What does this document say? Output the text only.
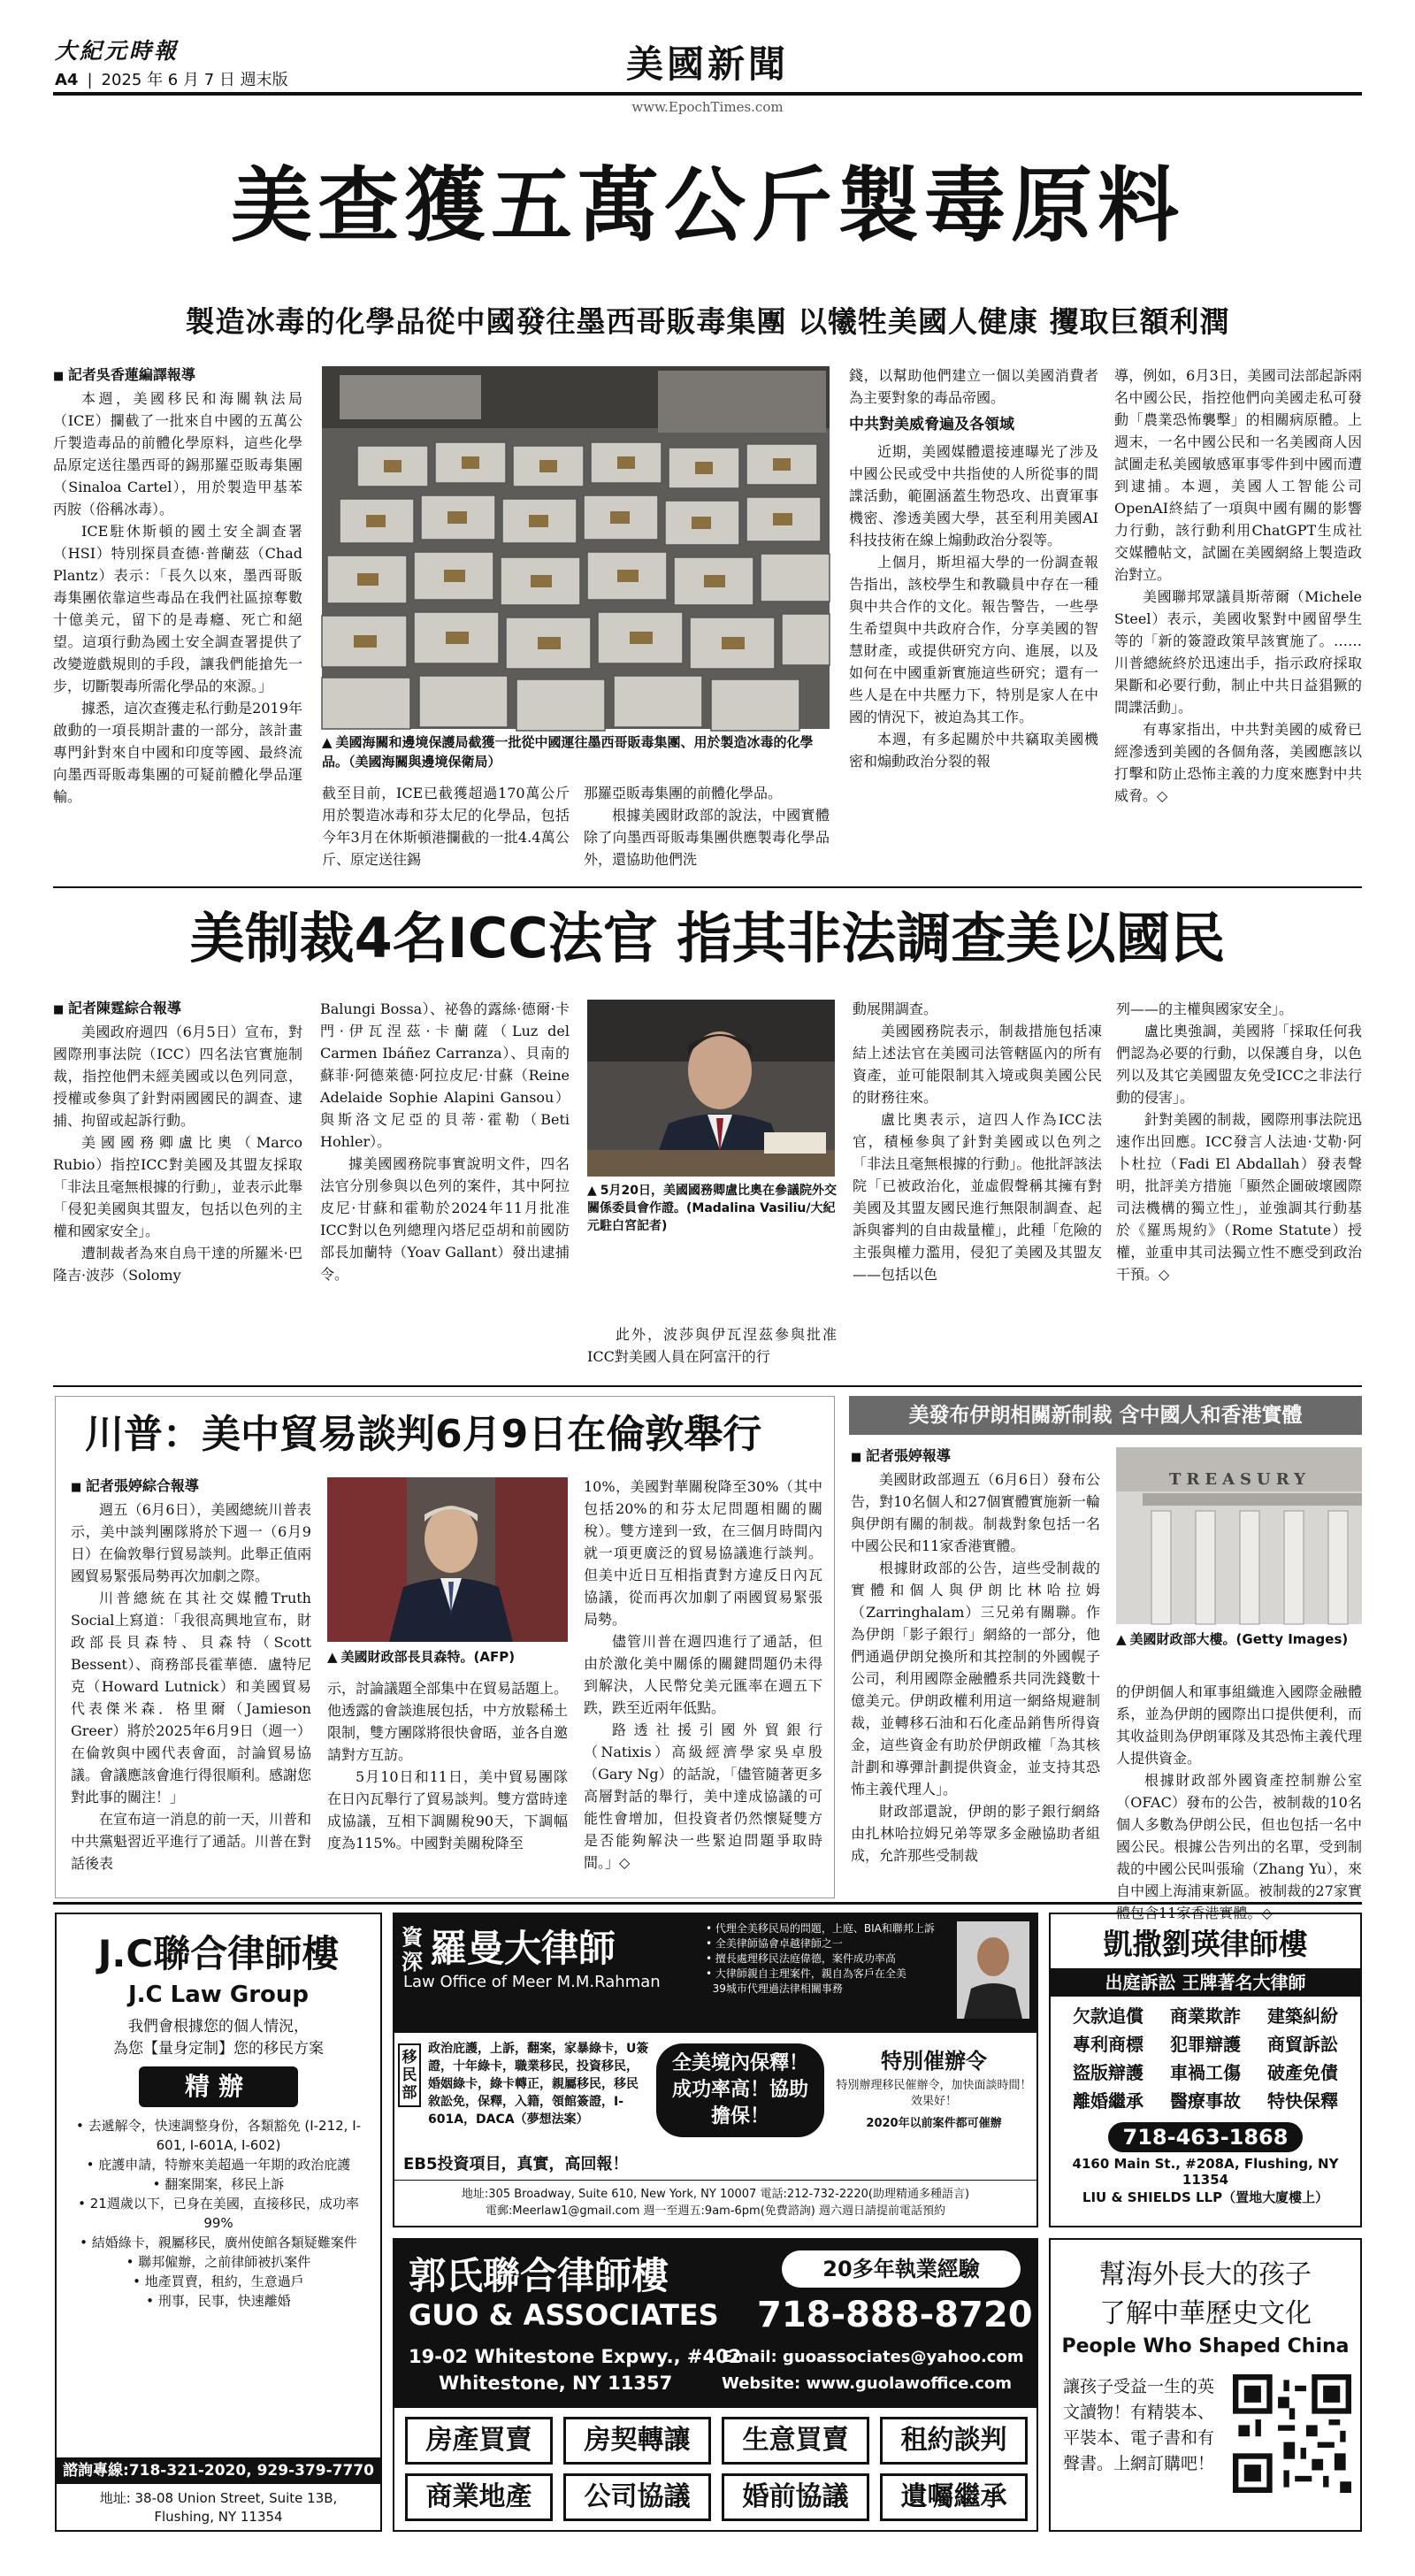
大紀元時報
A4 | 2025 年 6 月 7 日 週末版	美國新聞
www.EpochTimes.com
美查獲五萬公斤製毒原料
製造冰毒的化學品從中國發往墨西哥販毒集團 以犧牲美國人健康 攫取巨額利潤
■ 記者吳香蓮編譯報導

本週，美國移民和海關執法局（ICE）攔截了一批來自中國的五萬公斤製造毒品的前體化學原料，這些化學品原定送往墨西哥的錫那羅亞販毒集團（Sinaloa Cartel），用於製造甲基苯丙胺（俗稱冰毒）。

ICE駐休斯頓的國土安全調查署（HSI）特別探員查德·普蘭茲（Chad Plantz）表示：「長久以來，墨西哥販毒集團依靠這些毒品在我們社區掠奪數十億美元，留下的是毒癮、死亡和絕望。這項行動為國土安全調查署提供了改變遊戲規則的手段，讓我們能搶先一步，切斷製毒所需化學品的來源。」

據悉，這次查獲走私行動是2019年啟動的一項長期計畫的一部分，該計畫專門針對來自中國和印度等國、最終流向墨西哥販毒集團的可疑前體化學品運輸。

▲ 美國海關和邊境保護局截獲一批從中國運往墨西哥販毒集團、用於製造冰毒的化學品。（美國海關與邊境保衛局）

截至目前，ICE已截獲超過170萬公斤用於製造冰毒和芬太尼的化學品，包括今年3月在休斯頓港攔截的一批4.4萬公斤、原定送往錫

那羅亞販毒集團的前體化學品。

根據美國財政部的說法，中國實體除了向墨西哥販毒集團供應製毒化學品外，還協助他們洗

錢，以幫助他們建立一個以美國消費者為主要對象的毒品帝國。

中共對美威脅遍及各領域

近期，美國媒體還接連曝光了涉及中國公民或受中共指使的人所從事的間諜活動，範圍涵蓋生物恐攻、出賣軍事機密、滲透美國大學，甚至利用美國AI科技技術在線上煽動政治分裂等。

上個月，斯坦福大學的一份調查報告指出，該校學生和教職員中存在一種與中共合作的文化。報告警告，一些學生希望與中共政府合作，分享美國的智慧財產，或提供研究方向、進展，以及如何在中國重新實施這些研究；還有一些人是在中共壓力下，特別是家人在中國的情況下，被迫為其工作。

本週，有多起關於中共竊取美國機密和煽動政治分裂的報

導，例如，6月3日，美國司法部起訴兩名中國公民，指控他們向美國走私可發動「農業恐怖襲擊」的相關病原體。上週末，一名中國公民和一名美國商人因試圖走私美國敏感軍事零件到中國而遭到逮捕。本週，美國人工智能公司OpenAI終結了一項與中國有關的影響力行動，該行動利用ChatGPT生成社交媒體帖文，試圖在美國網絡上製造政治對立。

美國聯邦眾議員斯蒂爾（Michele Steel）表示，美國收緊對中國留學生等的「新的簽證政策早該實施了。……川普總統終於迅速出手，指示政府採取果斷和必要行動，制止中共日益猖獗的間諜活動」。

有專家指出，中共對美國的威脅已經滲透到美國的各個角落，美國應該以打擊和防止恐怖主義的力度來應對中共威脅。◇

美制裁4名ICC法官 指其非法調查美以國民
■ 記者陳霆綜合報導

美國政府週四（6月5日）宣布，對國際刑事法院（ICC）四名法官實施制裁，指控他們未經美國或以色列同意，授權或參與了針對兩國國民的調查、逮捕、拘留或起訴行動。

美國國務卿盧比奧（Marco Rubio）指控ICC對美國及其盟友採取「非法且毫無根據的行動」，並表示此舉「侵犯美國與其盟友，包括以色列的主權和國家安全」。

遭制裁者為來自烏干達的所羅米·巴隆吉·波莎（Solomy

Balungi Bossa）、祕魯的露絲·德爾·卡門·伊瓦涅茲·卡蘭薩（Luz del Carmen Ibáñez Carranza）、貝南的蘇菲·阿德萊德·阿拉皮尼·甘蘇（Reine Adelaide Sophie Alapini Gansou）與斯洛文尼亞的貝蒂·霍勒（Beti Hohler）。

據美國國務院事實說明文件，四名法官分別參與以色列的案件，其中阿拉皮尼·甘蘇和霍勒於2024年11月批准ICC對以色列總理內塔尼亞胡和前國防部長加蘭特（Yoav Gallant）發出逮捕令。

▲ 5月20日，美國國務卿盧比奧在參議院外交關係委員會作證。(Madalina Vasiliu/大紀元駐白宮記者)

此外，波莎與伊瓦涅茲參與批准ICC對美國人員在阿富汗的行

動展開調查。

美國國務院表示，制裁措施包括凍結上述法官在美國司法管轄區內的所有資產，並可能限制其入境或與美國公民的財務往來。

盧比奧表示，這四人作為ICC法官，積極參與了針對美國或以色列之「非法且毫無根據的行動」。他批評該法院「已被政治化，並虛假聲稱其擁有對美國及其盟友國民進行無限制調查、起訴與審判的自由裁量權」，此種「危險的主張與權力濫用，侵犯了美國及其盟友——包括以色

列——的主權與國家安全」。

盧比奧強調，美國將「採取任何我們認為必要的行動，以保護自身，以色列以及其它美國盟友免受ICC之非法行動的侵害」。

針對美國的制裁，國際刑事法院迅速作出回應。ICC發言人法迪·艾勒·阿卜杜拉（Fadi El Abdallah）發表聲明，批評美方措施「顯然企圖破壞國際司法機構的獨立性」，並強調其行動基於《羅馬規約》（Rome Statute）授權，並重申其司法獨立性不應受到政治干預。◇

川普：美中貿易談判6月9日在倫敦舉行
■ 記者張婷綜合報導

週五（6月6日），美國總統川普表示，美中談判團隊將於下週一（6月9日）在倫敦舉行貿易談判。此舉正值兩國貿易緊張局勢再次加劇之際。

川普總統在其社交媒體Truth Social上寫道：「我很高興地宣布，財政部長貝森特、貝森特（Scott Bessent）、商務部長霍華德．盧特尼克（Howard Lutnick）和美國貿易代表傑米森．格里爾（Jamieson Greer）將於2025年6月9日（週一）在倫敦與中國代表會面，討論貿易協議。會議應該會進行得很順利。感謝您對此事的關注！」

在宣布這一消息的前一天，川普和中共黨魁習近平進行了通話。川普在對話後表

▲ 美國財政部長貝森特。(AFP)

示，討論議題全部集中在貿易話題上。他透露的會談進展包括，中方放鬆稀土限制，雙方團隊將很快會晤，並各自邀請對方互訪。

5月10日和11日，美中貿易團隊在日內瓦舉行了貿易談判。雙方當時達成協議，互相下調關稅90天，下調幅度為115%。中國對美關稅降至

10%，美國對華關稅降至30%（其中包括20%的和芬太尼問題相關的關稅）。雙方達到一致，在三個月時間內就一項更廣泛的貿易協議進行談判。但美中近日互相指責對方違反日內瓦協議，從而再次加劇了兩國貿易緊張局勢。

儘管川普在週四進行了通話，但由於激化美中關係的關鍵問題仍未得到解決，人民幣兌美元匯率在週五下跌，跌至近兩年低點。

路透社援引國外貿銀行（Natixis）高級經濟學家吳卓殷（Gary Ng）的話說，「儘管隨著更多高層對話的舉行，美中達成協議的可能性會增加，但投資者仍然懷疑雙方是否能夠解決一些緊迫問題爭取時間。」◇

美發布伊朗相關新制裁 含中國人和香港實體
■ 記者張婷報導

美國財政部週五（6月6日）發布公告，對10名個人和27個實體實施新一輪與伊朗有關的制裁。制裁對象包括一名中國公民和11家香港實體。

根據財政部的公告，這些受制裁的實體和個人與伊朗比林哈拉姆（Zarringhalam）三兄弟有關聯。作為伊朗「影子銀行」網絡的一部分，他們通過伊朗兌換所和其控制的外國幌子公司，利用國際金融體系共同洗錢數十億美元。伊朗政權利用這一網絡規避制裁，並轉移石油和石化產品銷售所得資金，這些資金有助於伊朗政權「為其核計劃和導彈計劃提供資金，並支持其恐怖主義代理人」。

財政部還說，伊朗的影子銀行網絡由扎林哈拉姆兄弟等眾多金融協助者組成，允許那些受制裁

TREASURY
▲ 美國財政部大樓。(Getty Images)

的伊朗個人和軍事組織進入國際金融體系，並為伊朗的國際出口提供便利，而其收益則為伊朗軍隊及其恐怖主義代理人提供資金。

根據財政部外國資產控制辦公室（OFAC）發布的公告，被制裁的10名個人多數為伊朗公民，但也包括一名中國公民。根據公告列出的名單，受到制裁的中國公民叫張瑜（Zhang Yu），來自中國上海浦東新區。被制裁的27家實體包含11家香港實體。◇

J.C聯合律師樓
J.C Law Group
我們會根據您的個人情況，
為您【量身定制】您的移民方案
精辦
• 去遞解令，快速調整身份，各類豁免 (I-212, I-601, I-601A, I-602)
• 庇護申請，特辦來美超過一年期的政治庇護
• 翻案開案，移民上訴
• 21週歲以下，已身在美國，直接移民，成功率 99%
• 結婚綠卡，親屬移民，廣州使館各類疑難案件
• 聯邦僱辦，之前律師被扒案件
• 地產買賣，租約，生意過戶
• 刑事，民事，快速離婚
諮詢專線:718-321-2020, 929-379-7770
地址: 38-08 Union Street, Suite 13B,
Flushing, NY 11354
資深 羅曼大律師
Law Office of Meer M.M.Rahman
• 代理全美移民局的問題，上庭、BIA和聯邦上訴
• 全美律師協會卓越律師之一
• 擅長處理移民法庭偉德，案件成功率高
• 大律師親自主理案件，親自為客戶在全美
39城市代理過法律相關事務
移民部
政治庇護，上訴，翻案，家暴綠卡，U簽證，十年綠卡，職業移民，投資移民，婚姻綠卡，綠卡轉正，親屬移民，移民敘訟免，保釋，入籍，領館簽證，I-601A，DACA（夢想法案）
全美境內保釋！成功率高！協助擔保！
特別催辦令
特別辦理移民催辦令，加快面談時間！效果好！
2020年以前案件都可催辦
EB5投資項目，真實，高回報！
地址:305 Broadway, Suite 610, New York, NY 10007 電話:212-732-2220(助理精通多種語言)
電郵:Meerlaw1@gmail.com 週一至週五:9am-6pm(免費諮詢) 週六週日請提前電話預約
凱撒劉瑛律師樓
出庭訴訟 王牌著名大律師
欠款追償	商業欺詐	建築糾紛
專利商標	犯罪辯護	商貿訴訟
盜版辯護	車禍工傷	破產免債
離婚繼承	醫療事故	特快保釋
718-463-1868
4160 Main St., #208A, Flushing, NY 11354
LIU & SHIELDS LLP（置地大廈樓上）
郭氏聯合律師樓	20多年執業經驗
GUO & ASSOCIATES 718-888-8720
19-02 Whitestone Expwy., #402
Whitestone, NY 11357
Email: guoassociates@yahoo.com
Website: www.guolawoffice.com
房產買賣	房契轉讓	生意買賣	租約談判
商業地產	公司協議	婚前協議	遺囑繼承
幫海外長大的孩子
了解中華歷史文化
People Who Shaped China
讓孩子受益一生的英文讀物！有精裝本、平裝本、電子書和有聲書。上網訂購吧！
